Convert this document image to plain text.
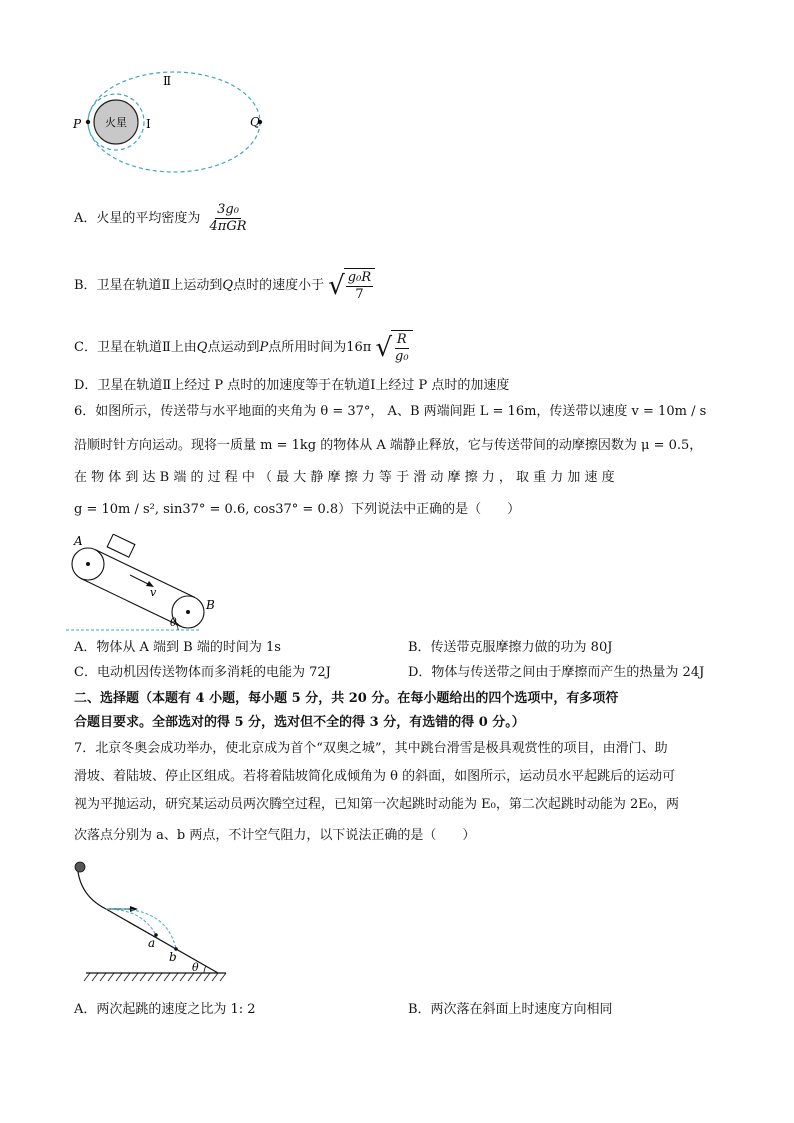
火星 Ⅰ
Ⅱ
P	Q
A．火星的平均密度为 $\frac{\text{3g₀}}{\text{4πGR}}$
B．卫星在轨道Ⅱ上运动到Q点时的速度小于 √ $\frac{\text{g₀R}}{7}$
C．卫星在轨道Ⅱ上由Q点运动到P点所用时间为16π √ $\frac{R}{\text{g₀}}$
D．卫星在轨道Ⅱ上经过 P 点时的加速度等于在轨道Ⅰ上经过 P 点时的加速度
6．如图所示，传送带与水平地面的夹角为 θ = 37°， A、B 两端间距 L = 16m，传送带以速度 v = 10m / s
沿顺时针方向运动。现将一质量 m = 1kg 的物体从 A 端静止释放，它与传送带间的动摩擦因数为 μ = 0.5，
在 物 体 到 达 B 端 的 过 程 中 （ 最 大 静 摩 擦 力 等 于 滑 动 摩 擦 力 ， 取 重 力 加 速 度
g = 10m / s², sin37° = 0.6, cos37° = 0.8）下列说法中正确的是（　　）
v
A
B
θ
A．物体从 A 端到 B 端的时间为 1s	B．传送带克服摩擦力做的功为 80J
C．电动机因传送物体而多消耗的电能为 72J	D．物体与传送带之间由于摩擦而产生的热量为 24J
二、选择题（本题有 4 小题，每小题 5 分，共 20 分。在每小题给出的四个选项中，有多项符
合题目要求。全部选对的得 5 分，选对但不全的得 3 分，有选错的得 0 分。）
7．北京冬奥会成功举办，使北京成为首个“双奥之城”，其中跳台滑雪是极具观赏性的项目，由滑门、助
滑坡、着陆坡、停止区组成。若将着陆坡简化成倾角为 θ 的斜面，如图所示，运动员水平起跳后的运动可
视为平抛运动，研究某运动员两次腾空过程，已知第一次起跳时动能为 E₀，第二次起跳时动能为 2E₀，两
次落点分别为 a、b 两点，不计空气阻力，以下说法正确的是（　　）
a
b
θ
A．两次起跳的速度之比为 1: 2	B．两次落在斜面上时速度方向相同
